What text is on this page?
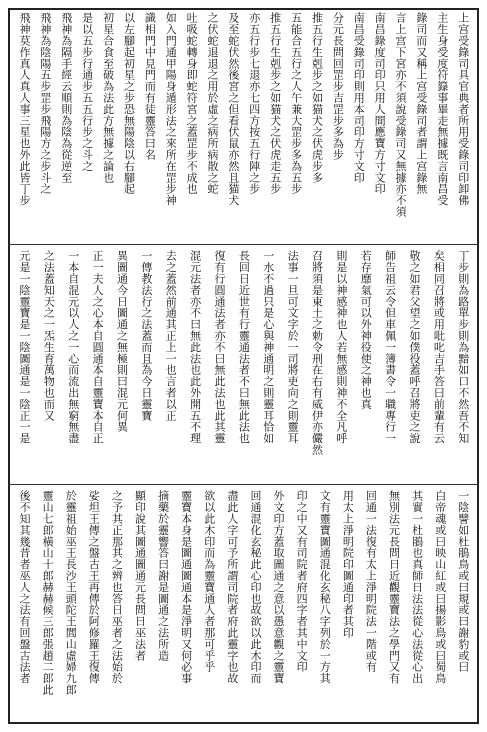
上宫受錄司具官典者所用受錄司印卸佛
主生身受度符籙事畢走無據既言南昌受
錄司而又稱上宫受錄司者謂上宫錄無
言上宫下宮亦不須說受錄司又無據亦不須
南昌錄度司印只用人間應寶方寸文印
南昌受錄司印則用本司印方寸文印
分元長問回罡步吉罡步多為步
推五行生剋步之如猫犬之伏虎步多
五能合五行之人午兼大罡步多為五步
推五行生剋步之如猫犬之伏虎走五步
亦五行步七退亦七四方按五行陣之步
及至蛇伏然後宮之但看伏鼠亦然且猫犬
之伏蛇退退之用於虛之病所病散之蛇
吐吸蛇轉身即蛇符宮之蓋罡步不成也
如入門通甲陽身遁形法之來所在罡步神
識相門中見門而有徒靈答曰名
以左腳起初星之步恐無陽陰以右腳起
初星合食至破為法此方無據之論也
是以五步行通步五五行步之斗之
飛神為隔手經云順則為陰為從逆至
飛神為陰陽五步罡步飛陽方之步斗之
飛神莫作真人真人事三星也外此皆丁步
丁步則為路單步則為黯如口不然吾不知
矣相同召將或用吡叱吉手答曰前輩有云
敬之如君父望之如僕役蓋呼召將吏之說
師告祖云令但車佩一簿書令一職專行一
若存靡氣可以外神役使之神也真
則是以神感神也人若無感則神不全凡呼
召將須是東土之勅令刑在右有威伊亦儼然
法事一旦可文字於一司將吏向之則靈耳
一水不過只是心與神通明之則靈耳恰如
長回日近世有行靈通法者不曰無此法也
復有行圓通法者亦不曰無此法也此其靈
混元法者亦不曰無此法也此外開五不理
去之蓋然前通其正上一也言者以正
一傳教法行之法蓋而且為今日靈寶
異圖通今日圖通之無極則曰混元何異
正一夫人之心本自圓通本自靈寶本自正
一本自混元以人之一心而流出無窮無盡
之法蓋知天之一炁生育萬物也而又
元是一陰靈寶是一陰圖通是一陰正一是
一陰譬如杜鵑鳥或曰規或曰謝豹或曰
白帝魂或曰映山紅或曰揚影鳥或曰蜀鳥
其實一杜鵑也真師日法法從心法從心出
無別法元長問日近觀靈寶法之學門又有
回通一法復有太上淨明院法一階或有
用太上淨明院印圖通印者其印
文有靈寶圖通混化玄秘八字列於一方其
印之中又有司院者府四字者其中文印
外文印方蓋取圖通之意以愚意觀之靈寶
回通混化玄秘此心印也故欲以此木印而
盡此人字可予所謂司院者府此靈字也故
欲以此木印而為靈寶通人者那可乎乎
靈寶本身是圖通圖通本是淨明又何必事
摘藥於靈響答曰謝是圖通之法所造
顯印說其圖通圖通元長問日巫法者
之予其正那其之辨也答日巫者之法始於
娑坦王傳之盤古王再傳於阿修羅王復傳
於靈祖始巫王長沙王頭陀王閭山虛婦九郎
靈山七郎橫山十郎赫赫候三郎張趙二郎此
後不知其幾昔者巫人之法有回盤古法者
